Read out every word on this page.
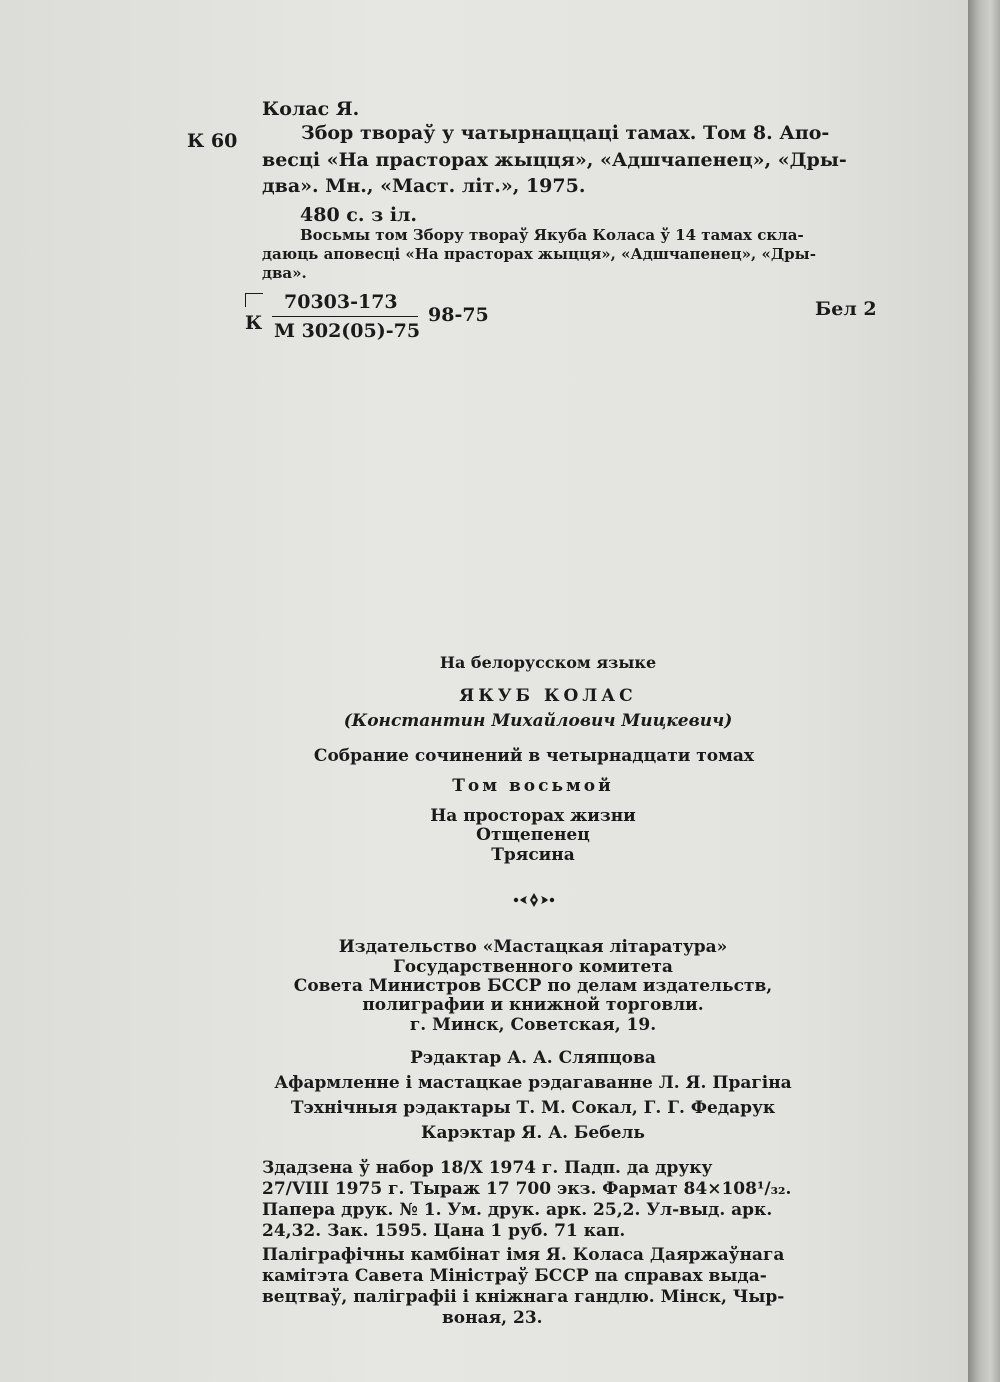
Колас Я.
К 60	Збор твораў у чатырнаццаці тамах. Том 8. Апо-
весці «На прасторах жыцця», «Адшчапенец», «Дры-
два». Мн., «Маст. літ.», 1975.
480 с. з іл.
Восьмы том Збору твораў Якуба Коласа ў 14 тамах скла-
даюць аповесці «На прасторах жыцця», «Адшчапенец», «Дры-
два».
К
70303-173
М 302(05)-75
98-75	Бел 2
На белорусском языке
ЯКУБ КОЛАС
(Константин Михайлович Мицкевич)
Собрание сочинений в четырнадцати томах
Том восьмой
На просторах жизни
Отщепенец
Трясина
Издательство «Мастацкая літаратура»
Государственного комитета
Совета Министров БССР по делам издательств,
полиграфии и книжной торговли.
г. Минск, Советская, 19.
Рэдактар А. А. Сляпцова
Афармленне і мастацкае рэдагаванне Л. Я. Прагіна
Тэхнічныя рэдактары Т. М. Сокал, Г. Г. Федарук
Карэктар Я. А. Бебель
Здадзена ў набор 18/X 1974 г. Падп. да друку
27/VIII 1975 г. Тыраж 17 700 экз. Фармат 84×108¹/₃₂.
Папера друк. № 1. Ум. друк. арк. 25,2. Ул-выд. арк.
24,32. Зак. 1595. Цана 1 руб. 71 кап.
Паліграфічны камбінат імя Я. Коласа Даяржаўнага
камітэта Савета Міністраў БССР па справах выда-
вецтваў, паліграфіі і кніжнага гандлю. Мінск, Чыр-
воная, 23.
